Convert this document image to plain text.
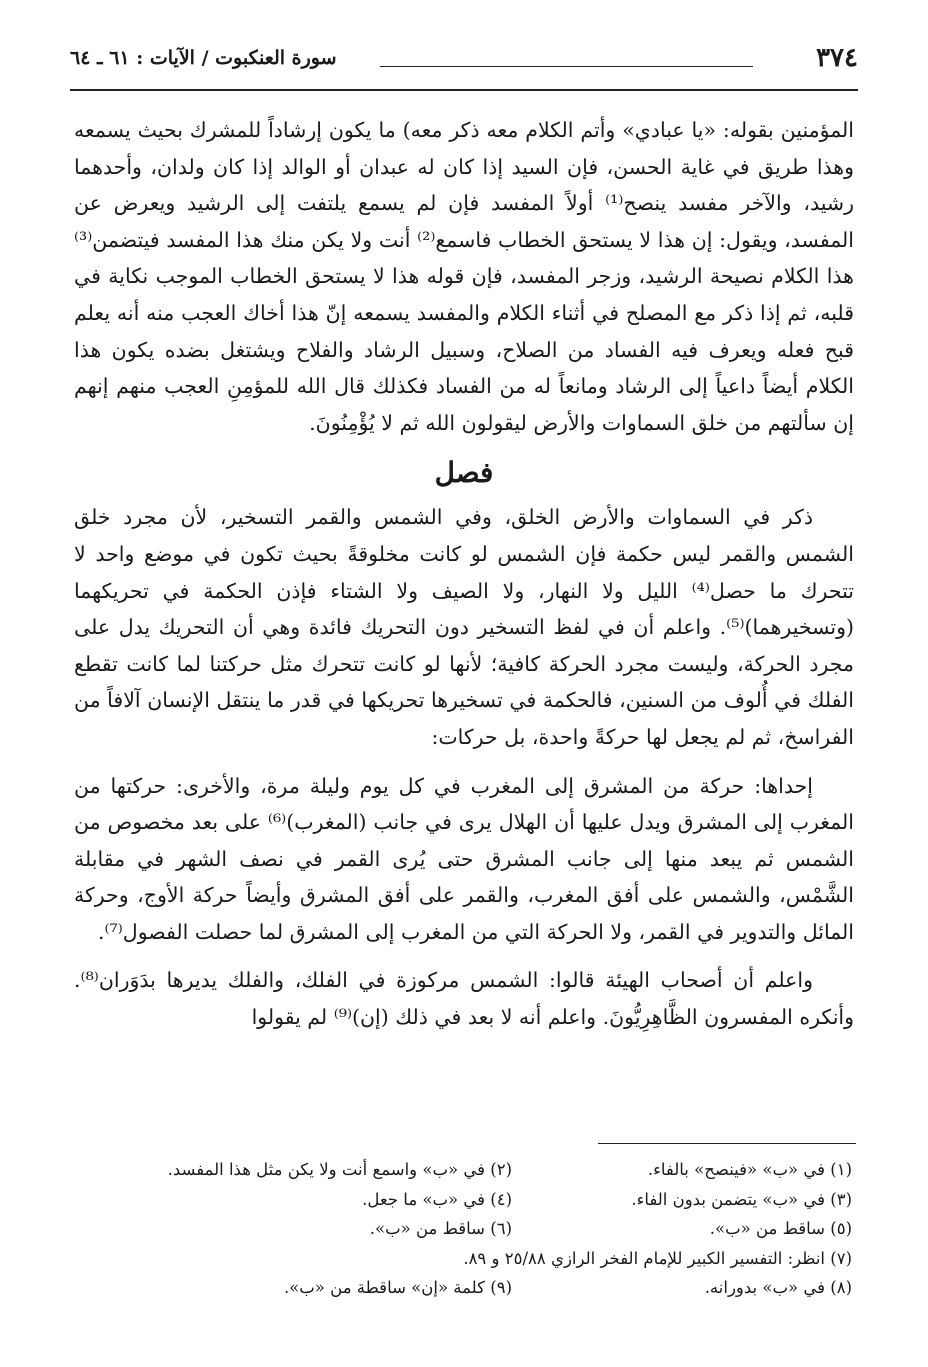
٣٧٤
سورة العنكبوت / الآيات : ٦١ ـ ٦٤

المؤمنين بقوله: «يا عبادي» وأتم الكلام معه ذكر معه) ما يكون إرشاداً للمشرك بحيث يسمعه وهذا طريق في غاية الحسن، فإن السيد إذا كان له عبدان أو الوالد إذا كان ولدان، وأحدهما رشيد، والآخر مفسد ينصح⁽¹⁾ أولاً المفسد فإن لم يسمع يلتفت إلى الرشيد ويعرض عن المفسد، ويقول: إن هذا لا يستحق الخطاب فاسمع⁽²⁾ أنت ولا يكن منك هذا المفسد فيتضمن⁽³⁾ هذا الكلام نصيحة الرشيد، وزجر المفسد، فإن قوله هذا لا يستحق الخطاب الموجب نكاية في قلبه، ثم إذا ذكر مع المصلح في أثناء الكلام والمفسد يسمعه إنّ هذا أخاك العجب منه أنه يعلم قبح فعله ويعرف فيه الفساد من الصلاح، وسبيل الرشاد والفلاح ويشتغل بضده يكون هذا الكلام أيضاً داعياً إلى الرشاد ومانعاً له من الفساد فكذلك قال الله للمؤمِنِ العجب منهم إنهم إن سألتهم من خلق السماوات والأرض ليقولون الله ثم لا يُؤْمِنُونَ.

فصل

ذكر في السماوات والأرض الخلق، وفي الشمس والقمر التسخير، لأن مجرد خلق الشمس والقمر ليس حكمة فإن الشمس لو كانت مخلوقةً بحيث تكون في موضع واحد لا تتحرك ما حصل⁽⁴⁾ الليل ولا النهار، ولا الصيف ولا الشتاء فإذن الحكمة في تحريكهما (وتسخيرهما)⁽⁵⁾. واعلم أن في لفظ التسخير دون التحريك فائدة وهي أن التحريك يدل على مجرد الحركة، وليست مجرد الحركة كافية؛ لأنها لو كانت تتحرك مثل حركتنا لما كانت تقطع الفلك في أُلوف من السنين، فالحكمة في تسخيرها تحريكها في قدر ما ينتقل الإنسان آلافاً من الفراسخ، ثم لم يجعل لها حركةً واحدة، بل حركات:

إحداها: حركة من المشرق إلى المغرب في كل يوم وليلة مرة، والأخرى: حركتها من المغرب إلى المشرق ويدل عليها أن الهلال يرى في جانب (المغرب)⁽⁶⁾ على بعد مخصوص من الشمس ثم يبعد منها إلى جانب المشرق حتى يُرى القمر في نصف الشهر في مقابلة الشَّمْس، والشمس على أفق المغرب، والقمر على أفق المشرق وأيضاً حركة الأوج، وحركة المائل والتدوير في القمر، ولا الحركة التي من المغرب إلى المشرق لما حصلت الفصول⁽⁷⁾.

واعلم أن أصحاب الهيئة قالوا: الشمس مركوزة في الفلك، والفلك يديرها بدَوَران⁽⁸⁾. وأنكره المفسرون الظَّاهِرِيُّونَ. واعلم أنه لا بعد في ذلك (إن)⁽⁹⁾ لم يقولوا

(١) في «ب» «فينصح» بالفاء.
(٢) في «ب» واسمع أنت ولا يكن مثل هذا المفسد.
(٣) في «ب» يتضمن بدون الفاء.
(٤) في «ب» ما جعل.
(٥) ساقط من «ب».
(٦) ساقط من «ب».
(٧) انظر: التفسير الكبير للإمام الفخر الرازي ٢٥/٨٨ و ٨٩.
(٨) في «ب» بدورانه.
(٩) كلمة «إن» ساقطة من «ب».
